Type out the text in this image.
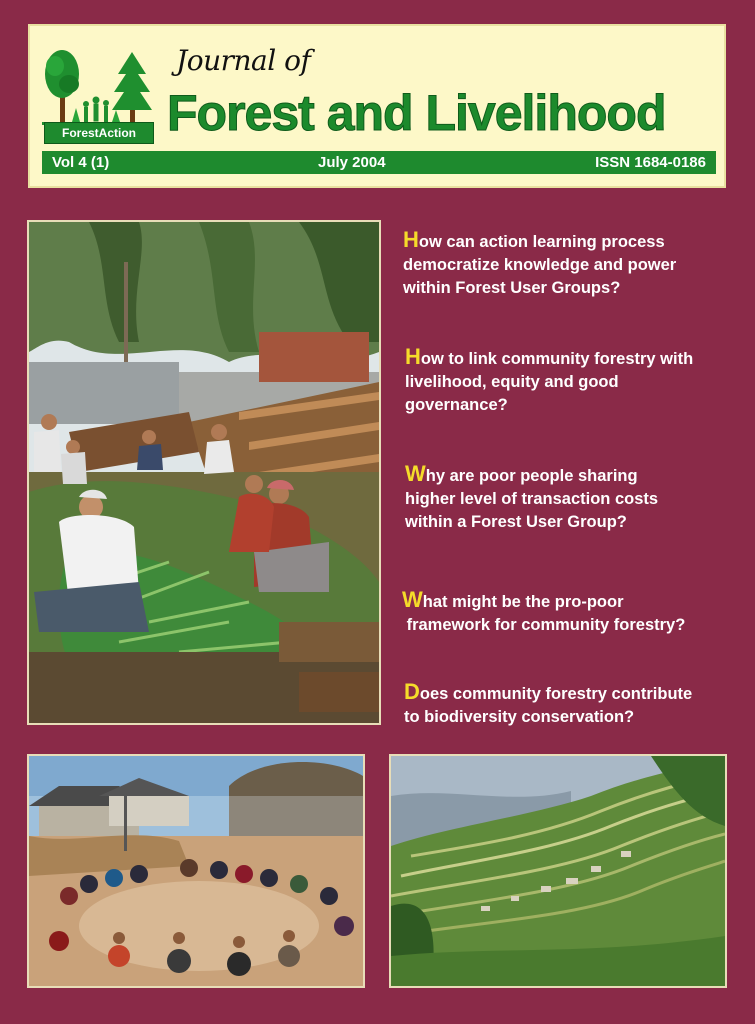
ForestAction
Journal of
Forest and Livelihood
Vol 4 (1)	July 2004	ISSN 1684-0186
How can action learning process
democratize knowledge and power
within Forest User Groups?
How to link community forestry with
livelihood, equity and good
governance?
Why are poor people sharing
higher level of transaction costs
within a Forest User Group?
What might be the pro-poor
framework for community forestry?
Does community forestry contribute
to biodiversity conservation?
